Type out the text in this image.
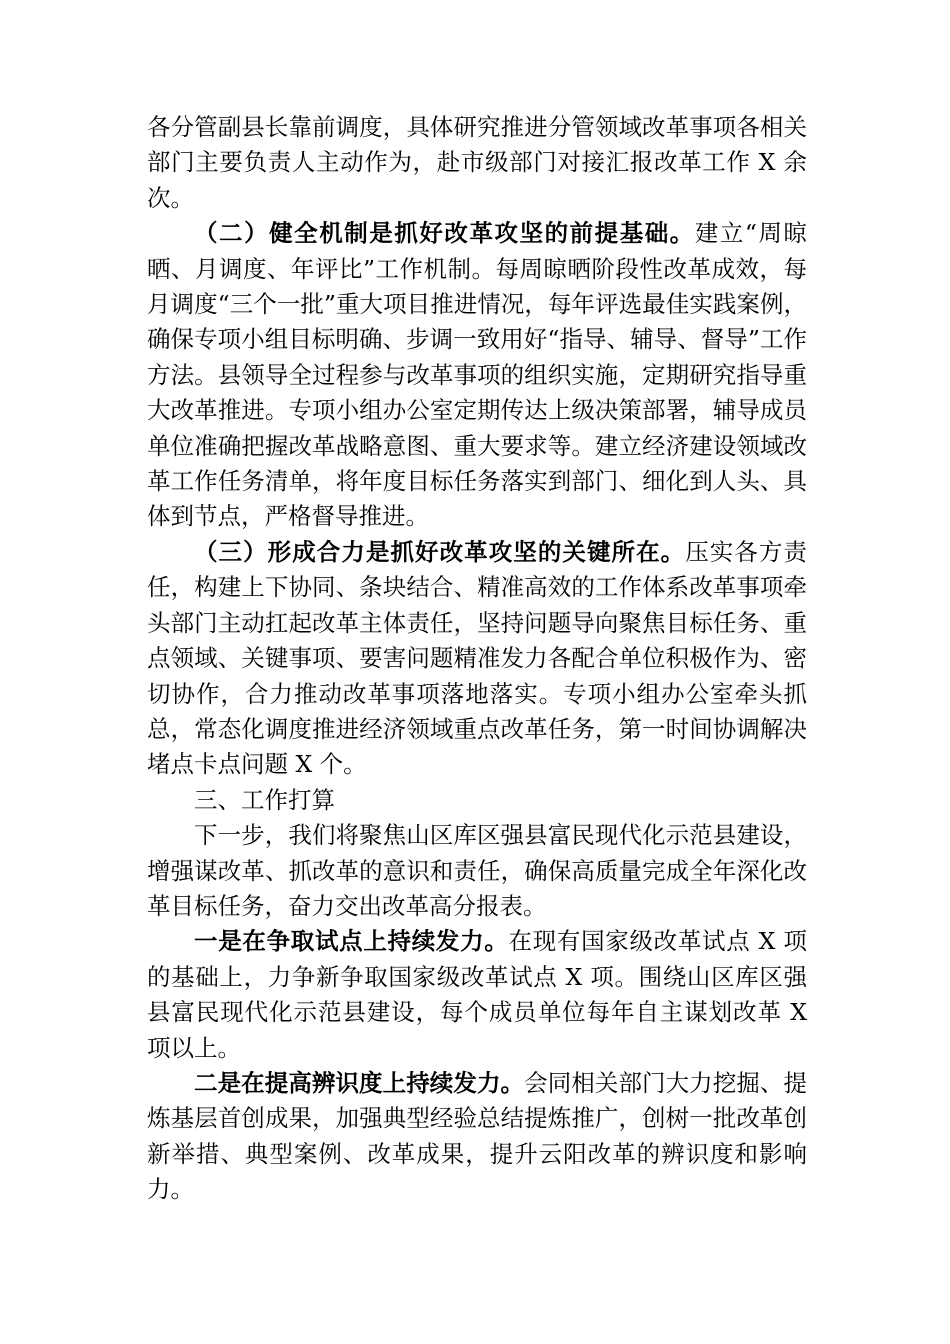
各分管副县长靠前调度，具体研究推进分管领域改革事项各相关部门主要负责人主动作为，赴市级部门对接汇报改革工作 X 余次。

（二）健全机制是抓好改革攻坚的前提基础。建立“周晾晒、月调度、年评比”工作机制。每周晾晒阶段性改革成效，每月调度“三个一批”重大项目推进情况，每年评选最佳实践案例，确保专项小组目标明确、步调一致用好“指导、辅导、督导”工作方法。县领导全过程参与改革事项的组织实施，定期研究指导重大改革推进。专项小组办公室定期传达上级决策部署，辅导成员单位准确把握改革战略意图、重大要求等。建立经济建设领域改革工作任务清单，将年度目标任务落实到部门、细化到人头、具体到节点，严格督导推进。

（三）形成合力是抓好改革攻坚的关键所在。压实各方责任，构建上下协同、条块结合、精准高效的工作体系改革事项牵头部门主动扛起改革主体责任，坚持问题导向聚焦目标任务、重点领域、关键事项、要害问题精准发力各配合单位积极作为、密切协作，合力推动改革事项落地落实。专项小组办公室牵头抓总，常态化调度推进经济领域重点改革任务，第一时间协调解决堵点卡点问题 X 个。

三、工作打算

下一步，我们将聚焦山区库区强县富民现代化示范县建设，增强谋改革、抓改革的意识和责任，确保高质量完成全年深化改革目标任务，奋力交出改革高分报表。

一是在争取试点上持续发力。在现有国家级改革试点 X 项的基础上，力争新争取国家级改革试点 X 项。围绕山区库区强县富民现代化示范县建设，每个成员单位每年自主谋划改革 X 项以上。

二是在提高辨识度上持续发力。会同相关部门大力挖掘、提炼基层首创成果，加强典型经验总结提炼推广，创树一批改革创新举措、典型案例、改革成果，提升云阳改革的辨识度和影响力。
